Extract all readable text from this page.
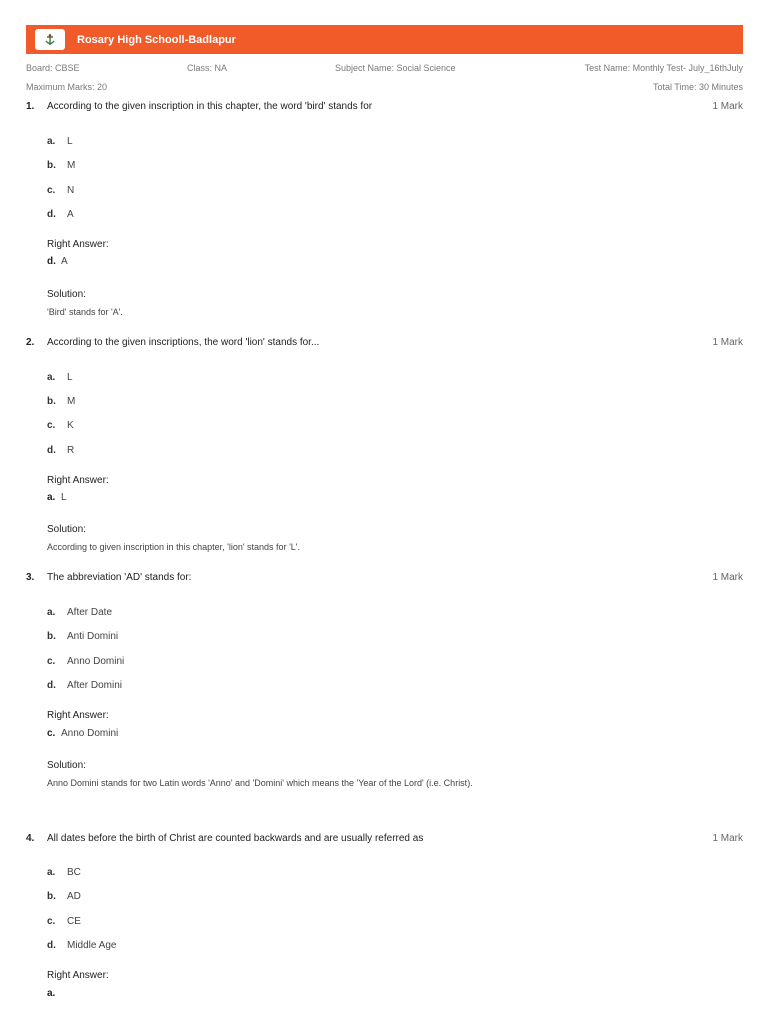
Rosary High Schooll-Badlapur
Board: CBSE	Class: NA	Subject Name: Social Science	Test Name: Monthly Test- July_16thJuly
Maximum Marks: 20	Total Time: 30 Minutes
1. According to the given inscription in this chapter, the word 'bird' stands for	1 Mark
a.	L
b.	M
c.	N
d.	A
Right Answer:
d. A
Solution:
'Bird' stands for 'A'.
2. According to the given inscriptions, the word 'lion' stands for...	1 Mark
a.	L
b.	M
c.	K
d.	R
Right Answer:
a. L
Solution:
According to given inscription in this chapter, 'lion' stands for 'L'.
3. The abbreviation 'AD' stands for:	1 Mark
a.	After Date
b.	Anti Domini
c.	Anno Domini
d.	After Domini
Right Answer:
c. Anno Domini
Solution:
Anno Domini stands for two Latin words 'Anno' and 'Domini' which means the 'Year of the Lord' (i.e. Christ).
4. All dates before the birth of Christ are counted backwards and are usually referred as	1 Mark
a.	BC
b.	AD
c.	CE
d.	Middle Age
Right Answer:
a.
